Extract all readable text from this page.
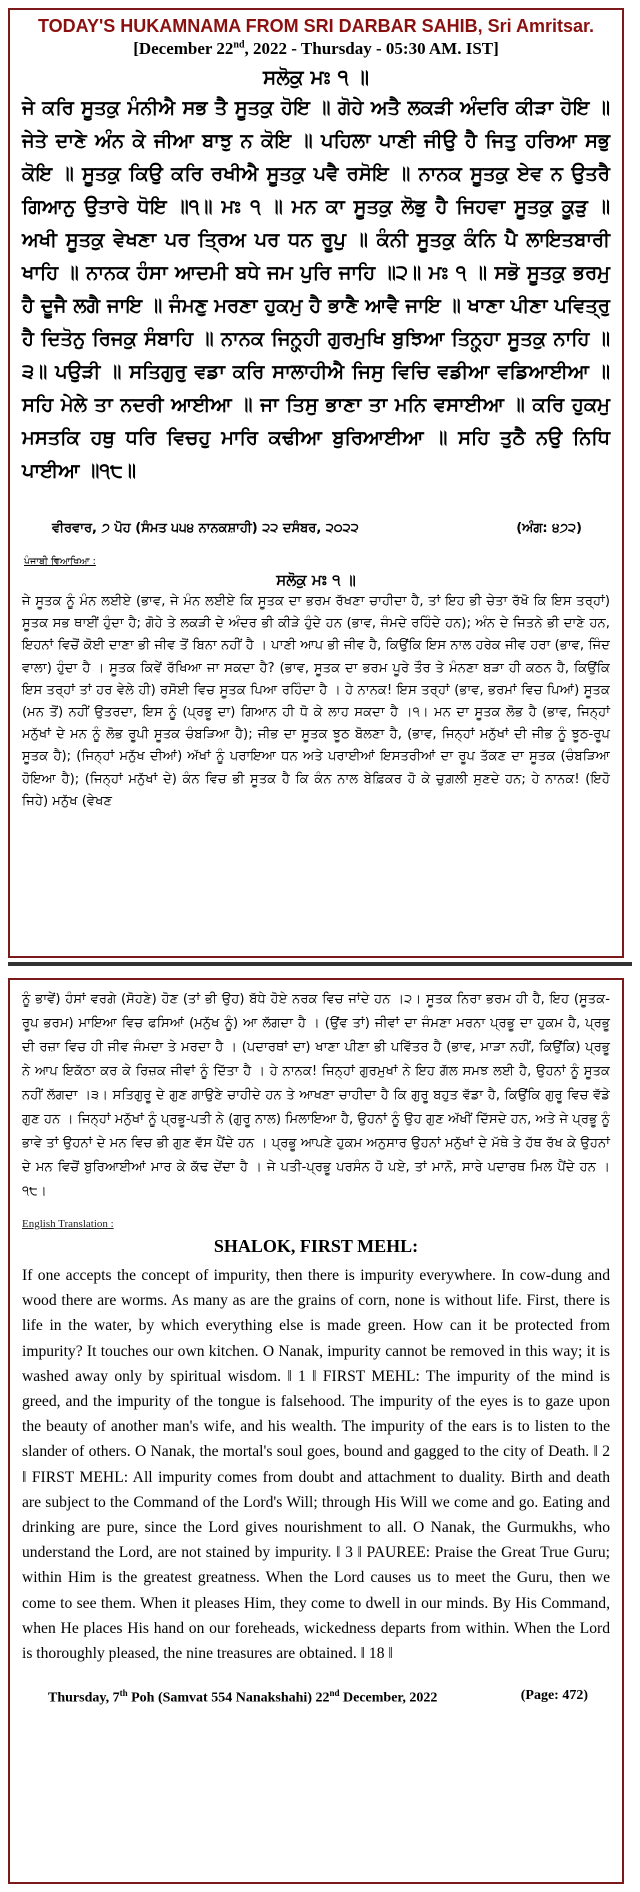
TODAY'S HUKAMNAMA FROM SRI DARBAR SAHIB, Sri Amritsar.
[December 22nd, 2022 - Thursday - 05:30 AM. IST]
ਸਲੋਕੁ ਮਃ ੧ ॥
ਜੇ ਕਰਿ ਸੂਤਕੁ ਮੰਨੀਐ ਸਭ ਤੈ ਸੂਤਕੁ ਹੋਇ ॥ ਗੋਹੇ ਅਤੈ ਲਕੜੀ ਅੰਦਰਿ ਕੀੜਾ ਹੋਇ ॥ ਜੇਤੇ ਦਾਣੇ ਅੰਨ ਕੇ ਜੀਆ ਬਾਝੁ ਨ ਕੋਇ ॥ ਪਹਿਲਾ ਪਾਣੀ ਜੀਉ ਹੈ ਜਿਤੁ ਹਰਿਆ ਸਭੁ ਕੋਇ ॥ ਸੂਤਕੁ ਕਿਉ ਕਰਿ ਰਖੀਐ ਸੂਤਕੁ ਪਵੈ ਰਸੋਇ ॥ ਨਾਨਕ ਸੂਤਕੁ ਏਵ ਨ ਉਤਰੈ ਗਿਆਨੁ ਉਤਾਰੇ ਧੋਇ ॥੧॥ ਮਃ ੧ ॥ ਮਨ ਕਾ ਸੂਤਕੁ ਲੋਭੁ ਹੈ ਜਿਹਵਾ ਸੂਤਕੁ ਕੂੜੁ ॥ ਅਖੀ ਸੂਤਕੁ ਵੇਖਣਾ ਪਰ ਤ੍ਰਿਅ ਪਰ ਧਨ ਰੂਪੁ ॥ ਕੰਨੀ ਸੂਤਕੁ ਕੰਨਿ ਪੈ ਲਾਇਤਬਾਰੀ ਖਾਹਿ ॥ ਨਾਨਕ ਹੰਸਾ ਆਦਮੀ ਬਧੇ ਜਮ ਪੁਰਿ ਜਾਹਿ ॥੨॥ ਮਃ ੧ ॥ ਸਭੋ ਸੂਤਕੁ ਭਰਮੁ ਹੈ ਦੂਜੈ ਲਗੈ ਜਾਇ ॥ ਜੰਮਣੁ ਮਰਣਾ ਹੁਕਮੁ ਹੈ ਭਾਣੈ ਆਵੈ ਜਾਇ ॥ ਖਾਣਾ ਪੀਣਾ ਪਵਿਤ੍ਰੁ ਹੈ ਦਿਤੋਨੁ ਰਿਜਕੁ ਸੰਬਾਹਿ ॥ ਨਾਨਕ ਜਿਨ੍ਹ੍ਹੀ ਗੁਰਮੁਖਿ ਬੁਝਿਆ ਤਿਨ੍ਹ੍ਹਾ ਸੂਤਕੁ ਨਾਹਿ ॥੩॥ ਪਉੜੀ ॥ ਸਤਿਗੁਰੁ ਵਡਾ ਕਰਿ ਸਾਲਾਹੀਐ ਜਿਸੁ ਵਿਚਿ ਵਡੀਆ ਵਡਿਆਈਆ ॥ ਸਹਿ ਮੇਲੇ ਤਾ ਨਦਰੀ ਆਈਆ ॥ ਜਾ ਤਿਸੁ ਭਾਣਾ ਤਾ ਮਨਿ ਵਸਾਈਆ ॥ ਕਰਿ ਹੁਕਮੁ ਮਸਤਕਿ ਹਥੁ ਧਰਿ ਵਿਚਹੁ ਮਾਰਿ ਕਢੀਆ ਬੁਰਿਆਈਆ ॥ ਸਹਿ ਤੁਠੈ ਨਉ ਨਿਧਿ ਪਾਈਆ ॥੧੮॥
ਵੀਰਵਾਰ, ੭ ਪੋਹ (ਸੰਮਤ ੫੫੪ ਨਾਨਕਸ਼ਾਹੀ) ੨੨ ਦਸੰਬਰ, ੨੦੨੨	(ਅੰਗ: ੪੭੨)
ਪੰਜਾਬੀ ਵਿਆਖਿਆ :
ਸਲੋਕੁ ਮਃ ੧ ॥
ਜੇ ਸੂਤਕ ਨੂੰ ਮੰਨ ਲਈਏ (ਭਾਵ, ਜੇ ਮੰਨ ਲਈਏ ਕਿ ਸੂਤਕ ਦਾ ਭਰਮ ਰੱਖਣਾ ਚਾਹੀਦਾ ਹੈ, ਤਾਂ ਇਹ ਭੀ ਚੇਤਾ ਰੱਖੋ ਕਿ ਇਸ ਤਰ੍ਹਾਂ) ਸੂਤਕ ਸਭ ਥਾਈਂ ਹੁੰਦਾ ਹੈ; ਗੋਹੇ ਤੇ ਲਕੜੀ ਦੇ ਅੰਦਰ ਭੀ ਕੀੜੇ ਹੁੰਦੇ ਹਨ (ਭਾਵ, ਜੰਮਦੇ ਰਹਿੰਦੇ ਹਨ); ਅੰਨ ਦੇ ਜਿਤਨੇ ਭੀ ਦਾਣੇ ਹਨ, ਇਹਨਾਂ ਵਿਚੋਂ ਕੋਈ ਦਾਣਾ ਭੀ ਜੀਵ ਤੋਂ ਬਿਨਾ ਨਹੀਂ ਹੈ । ਪਾਣੀ ਆਪ ਭੀ ਜੀਵ ਹੈ, ਕਿਉਂਕਿ ਇਸ ਨਾਲ ਹਰੇਕ ਜੀਵ ਹਰਾ (ਭਾਵ, ਜਿੰਦ ਵਾਲਾ) ਹੁੰਦਾ ਹੈ । ਸੂਤਕ ਕਿਵੇਂ ਰੱਖਿਆ ਜਾ ਸਕਦਾ ਹੈ? (ਭਾਵ, ਸੂਤਕ ਦਾ ਭਰਮ ਪੂਰੇ ਤੌਰ ਤੇ ਮੰਨਣਾ ਬੜਾ ਹੀ ਕਠਨ ਹੈ, ਕਿਉਂਕਿ ਇਸ ਤਰ੍ਹਾਂ ਤਾਂ ਹਰ ਵੇਲੇ ਹੀ) ਰਸੋਈ ਵਿਚ ਸੂਤਕ ਪਿਆ ਰਹਿੰਦਾ ਹੈ । ਹੇ ਨਾਨਕ! ਇਸ ਤਰ੍ਹਾਂ (ਭਾਵ, ਭਰਮਾਂ ਵਿਚ ਪਿਆਂ) ਸੂਤਕ (ਮਨ ਤੋਂ) ਨਹੀਂ ਉਤਰਦਾ, ਇਸ ਨੂੰ (ਪ੍ਰਭੂ ਦਾ) ਗਿਆਨ ਹੀ ਧੋ ਕੇ ਲਾਹ ਸਕਦਾ ਹੈ ।੧। ਮਨ ਦਾ ਸੂਤਕ ਲੋਭ ਹੈ (ਭਾਵ, ਜਿਨ੍ਹਾਂ ਮਨੁੱਖਾਂ ਦੇ ਮਨ ਨੂੰ ਲੋਭ ਰੂਪੀ ਸੂਤਕ ਚੰਬੜਿਆ ਹੈ); ਜੀਭ ਦਾ ਸੂਤਕ ਝੂਠ ਬੋਲਣਾ ਹੈ, (ਭਾਵ, ਜਿਨ੍ਹਾਂ ਮਨੁੱਖਾਂ ਦੀ ਜੀਭ ਨੂੰ ਝੂਠ-ਰੂਪ ਸੂਤਕ ਹੈ); (ਜਿਨ੍ਹਾਂ ਮਨੁੱਖ ਦੀਆਂ) ਅੱਖਾਂ ਨੂੰ ਪਰਾਇਆ ਧਨ ਅਤੇ ਪਰਾਈਆਂ ਇਸਤਰੀਆਂ ਦਾ ਰੂਪ ਤੱਕਣ ਦਾ ਸੂਤਕ (ਚੰਬੜਿਆ ਹੋਇਆ ਹੈ); (ਜਿਨ੍ਹਾਂ ਮਨੁੱਖਾਂ ਦੇ) ਕੰਨ ਵਿਚ ਭੀ ਸੂਤਕ ਹੈ ਕਿ ਕੰਨ ਨਾਲ ਬੇਫ਼ਿਕਰ ਹੋ ਕੇ ਚੁਗ਼ਲੀ ਸੁਣਦੇ ਹਨ; ਹੇ ਨਾਨਕ! (ਇਹੋ ਜਿਹੇ) ਮਨੁੱਖ (ਵੇਖਣ
ਨੂੰ ਭਾਵੇਂ) ਹੰਸਾਂ ਵਰਗੇ (ਸੋਹਣੇ) ਹੋਣ (ਤਾਂ ਭੀ ਉਹ) ਬੱਧੇ ਹੋਏ ਨਰਕ ਵਿਚ ਜਾਂਦੇ ਹਨ ।੨। ਸੂਤਕ ਨਿਰਾ ਭਰਮ ਹੀ ਹੈ, ਇਹ (ਸੂਤਕ-ਰੂਪ ਭਰਮ) ਮਾਇਆ ਵਿਚ ਫਸਿਆਂ (ਮਨੁੱਖ ਨੂੰ) ਆ ਲੱਗਦਾ ਹੈ । (ਉਂਵ ਤਾਂ) ਜੀਵਾਂ ਦਾ ਜੰਮਣਾ ਮਰਨਾ ਪ੍ਰਭੂ ਦਾ ਹੁਕਮ ਹੈ, ਪ੍ਰਭੂ ਦੀ ਰਜ਼ਾ ਵਿਚ ਹੀ ਜੀਵ ਜੰਮਦਾ ਤੇ ਮਰਦਾ ਹੈ । (ਪਦਾਰਥਾਂ ਦਾ) ਖਾਣਾ ਪੀਣਾ ਭੀ ਪਵਿੱਤਰ ਹੈ (ਭਾਵ, ਮਾੜਾ ਨਹੀਂ, ਕਿਉਂਕਿ) ਪ੍ਰਭੂ ਨੇ ਆਪ ਇਕੱਠਾ ਕਰ ਕੇ ਰਿਜ਼ਕ ਜੀਵਾਂ ਨੂੰ ਦਿੱਤਾ ਹੈ । ਹੇ ਨਾਨਕ! ਜਿਨ੍ਹਾਂ ਗੁਰਮੁਖਾਂ ਨੇ ਇਹ ਗੱਲ ਸਮਝ ਲਈ ਹੈ, ਉਹਨਾਂ ਨੂੰ ਸੂਤਕ ਨਹੀਂ ਲੱਗਦਾ ।੩। ਸਤਿਗੁਰੂ ਦੇ ਗੁਣ ਗਾਉਣੇ ਚਾਹੀਦੇ ਹਨ ਤੇ ਆਖਣਾ ਚਾਹੀਦਾ ਹੈ ਕਿ ਗੁਰੂ ਬਹੁਤ ਵੱਡਾ ਹੈ, ਕਿਉਂਕਿ ਗੁਰੂ ਵਿਚ ਵੱਡੇ ਗੁਣ ਹਨ । ਜਿਨ੍ਹਾਂ ਮਨੁੱਖਾਂ ਨੂੰ ਪ੍ਰਭੂ-ਪਤੀ ਨੇ (ਗੁਰੂ ਨਾਲ) ਮਿਲਾਇਆ ਹੈ, ਉਹਨਾਂ ਨੂੰ ਉਹ ਗੁਣ ਅੱਖੀਂ ਦਿੱਸਦੇ ਹਨ, ਅਤੇ ਜੇ ਪ੍ਰਭੂ ਨੂੰ ਭਾਵੇ ਤਾਂ ਉਹਨਾਂ ਦੇ ਮਨ ਵਿਚ ਭੀ ਗੁਣ ਵੱਸ ਪੈਂਦੇ ਹਨ । ਪ੍ਰਭੂ ਆਪਣੇ ਹੁਕਮ ਅਨੁਸਾਰ ਉਹਨਾਂ ਮਨੁੱਖਾਂ ਦੇ ਮੱਥੇ ਤੇ ਹੱਥ ਰੱਖ ਕੇ ਉਹਨਾਂ ਦੇ ਮਨ ਵਿਚੋਂ ਬੁਰਿਆਈਆਂ ਮਾਰ ਕੇ ਕੱਢ ਦੇਂਦਾ ਹੈ । ਜੇ ਪਤੀ-ਪ੍ਰਭੂ ਪਰਸੰਨ ਹੋ ਪਏ, ਤਾਂ ਮਾਨੋ, ਸਾਰੇ ਪਦਾਰਥ ਮਿਲ ਪੈਂਦੇ ਹਨ ।੧੮।
English Translation :
SHALOK, FIRST MEHL:
If one accepts the concept of impurity, then there is impurity everywhere. In cow-dung and wood there are worms. As many as are the grains of corn, none is without life. First, there is life in the water, by which everything else is made green. How can it be protected from impurity? It touches our own kitchen. O Nanak, impurity cannot be removed in this way; it is washed away only by spiritual wisdom. ‖ 1 ‖ FIRST MEHL: The impurity of the mind is greed, and the impurity of the tongue is falsehood. The impurity of the eyes is to gaze upon the beauty of another man's wife, and his wealth. The impurity of the ears is to listen to the slander of others. O Nanak, the mortal's soul goes, bound and gagged to the city of Death. ‖ 2 ‖ FIRST MEHL: All impurity comes from doubt and attachment to duality. Birth and death are subject to the Command of the Lord's Will; through His Will we come and go. Eating and drinking are pure, since the Lord gives nourishment to all. O Nanak, the Gurmukhs, who understand the Lord, are not stained by impurity. ‖ 3 ‖ PAUREE: Praise the Great True Guru; within Him is the greatest greatness. When the Lord causes us to meet the Guru, then we come to see them. When it pleases Him, they come to dwell in our minds. By His Command, when He places His hand on our foreheads, wickedness departs from within. When the Lord is thoroughly pleased, the nine treasures are obtained. ‖ 18 ‖
Thursday, 7th Poh (Samvat 554 Nanakshahi) 22nd December, 2022	(Page: 472)
